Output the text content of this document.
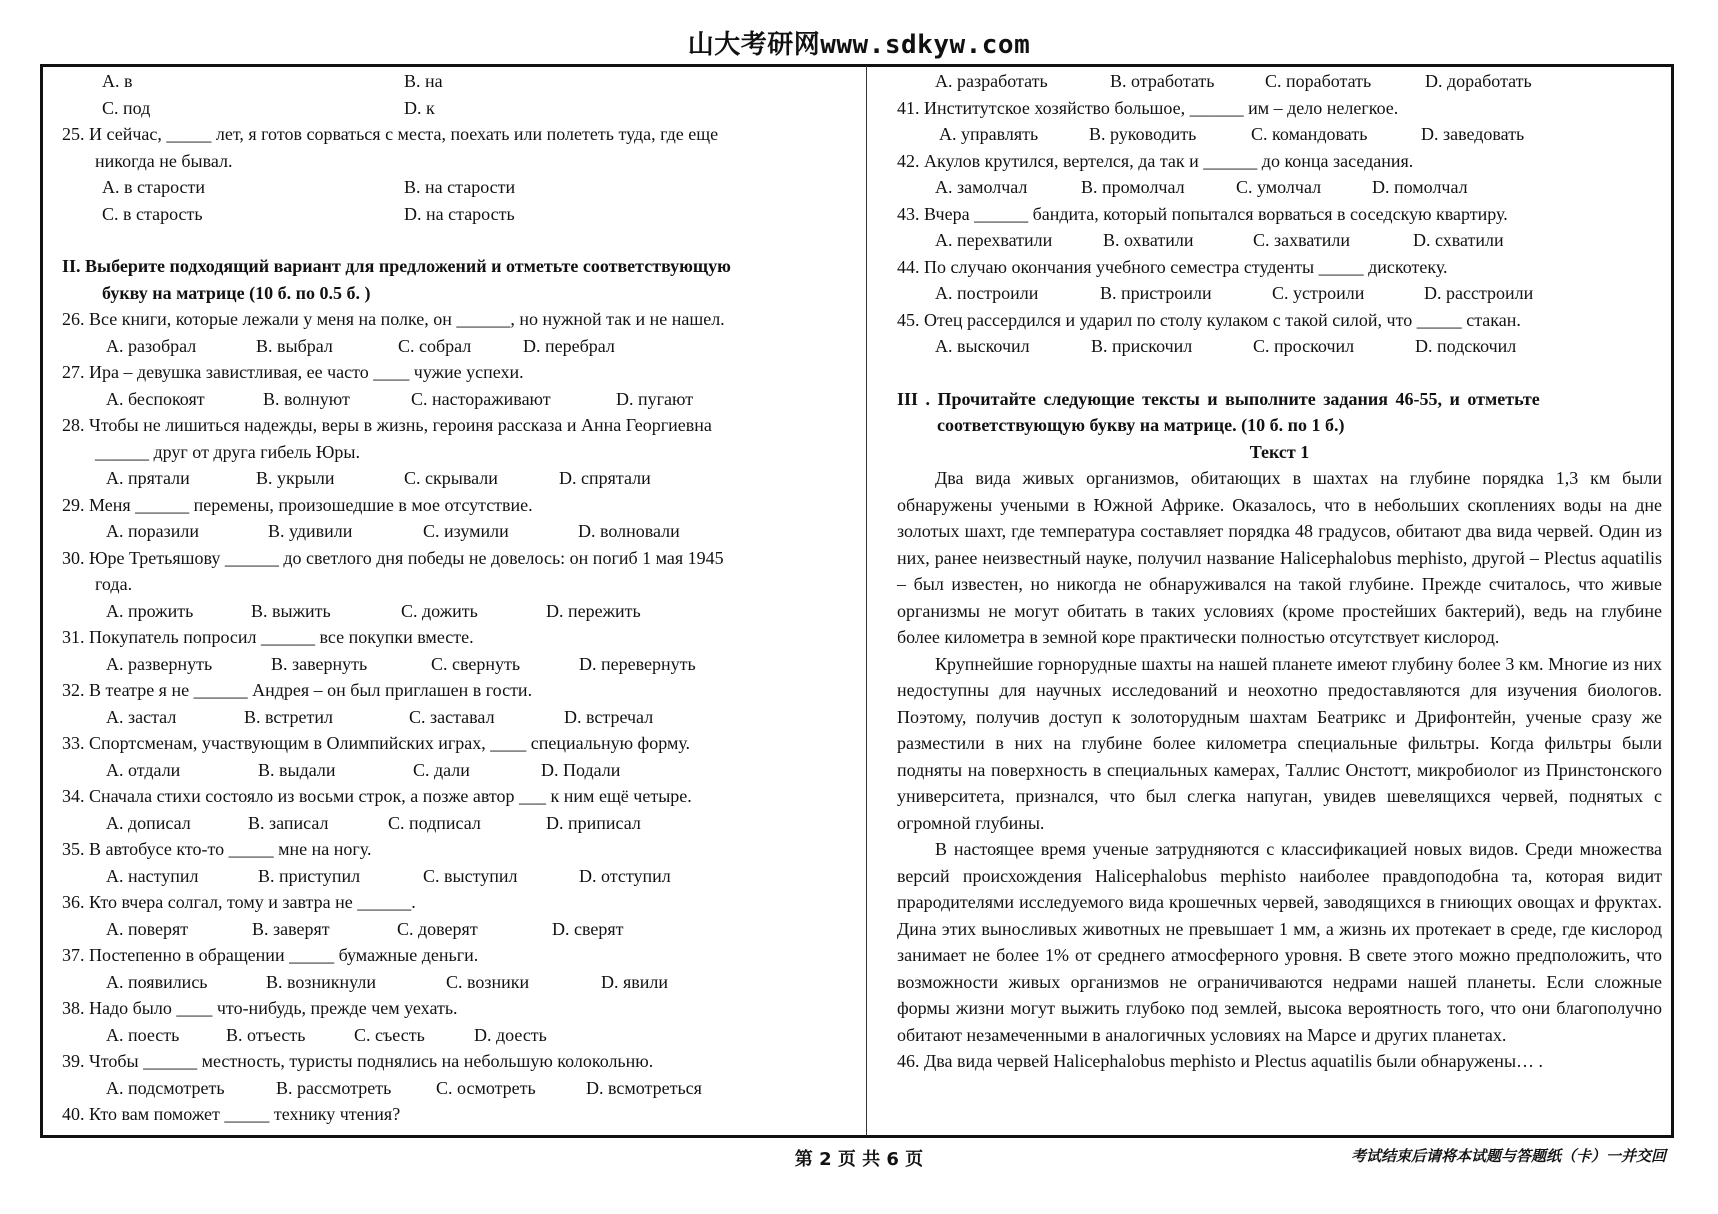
山大考研网www.sdkyw.com
A. в	B. на
C. под	D. к
25. И сейчас, _____ лет, я готов сорваться с места, поехать или полететь туда, где еще
никогда не бывал.
A. в старости	B. на старости
C. в старость	D. на старость
II. Выберите подходящий вариант для предложений и отметьте соответствующую
букву на матрице (10 б. по 0.5 б. )
26. Все книги, которые лежали у меня на полке, он ______, но нужной так и не нашел.
A. разобрал	B. выбрал	C. собрал	D. перебрал
27. Ира – девушка завистливая, ее часто ____ чужие успехи.
A. беспокоят	B. волнуют	C. настораживают	D. пугают
28. Чтобы не лишиться надежды, веры в жизнь, героиня рассказа и Анна Георгиевна
______ друг от друга гибель Юры.
A. прятали	B. укрыли	C. скрывали	D. спрятали
29. Меня ______ перемены, произошедшие в мое отсутствие.
A. поразили	B. удивили	C. изумили	D. волновали
30. Юре Третьяшову ______ до светлого дня победы не довелось: он погиб 1 мая 1945
года.
A. прожить	B. выжить	C. дожить	D. пережить
31. Покупатель попросил ______ все покупки вместе.
A. развернуть	B. завернуть	C. свернуть	D. перевернуть
32. В театре я не ______ Андрея – он был приглашен в гости.
A. застал	B. встретил	C. заставал	D. встречал
33. Спортсменам, участвующим в Олимпийских играх, ____ специальную форму.
A. отдали	B. выдали	C. дали	D. Подали
34. Сначала стихи состояло из восьми строк, а позже автор ___ к ним ещё четыре.
A. дописал	B. записал	C. подписал	D. приписал
35. В автобусе кто-то _____ мне на ногу.
A. наступил	B. приступил	C. выступил	D. отступил
36. Кто вчера солгал, тому и завтра не ______.
A. поверят	B. заверят	C. доверят	D. сверят
37. Постепенно в обращении _____ бумажные деньги.
A. появились	B. возникнули	C. возники	D. явили
38. Надо было ____ что-нибудь, прежде чем уехать.
A. поесть	B. отъесть	C. съесть	D. доесть
39. Чтобы ______ местность, туристы поднялись на небольшую колокольню.
A. подсмотреть	B. рассмотреть C. осмотреть	D. всмотреться
40. Кто вам поможет _____ технику чтения?
A. разработать	B. отработать	C. поработать	D. доработать
41. Институтское хозяйство большое, ______ им – дело нелегкое.
A. управлять	B. руководить	C. командовать	D. заведовать
42. Акулов крутился, вертелся, да так и ______ до конца заседания.
A. замолчал	B. промолчал	C. умолчал	D. помолчал
43. Вчера ______ бандита, который попытался ворваться в соседскую квартиру.
A. перехватили	B. охватили	C. захватили	D. схватили
44. По случаю окончания учебного семестра студенты _____ дискотеку.
A. построили	B. пристроили	C. устроили	D. расстроили
45. Отец рассердился и ударил по столу кулаком с такой силой, что _____ стакан.
A. выскочил	B. прискочил	C. проскочил	D. подскочил
III . Прочитайте следующие тексты и выполните задания 46-55, и отметьте
соответствующую букву на матрице. (10 б. по 1 б.)
Текст 1

Два вида живых организмов, обитающих в шахтах на глубине порядка 1,3 км были обнаружены учеными в Южной Африке. Оказалось, что в небольших скоплениях воды на дне золотых шахт, где температура составляет порядка 48 градусов, обитают два вида червей. Один из них, ранее неизвестный науке, получил название Halicephalobus mephisto, другой – Plectus aquatilis – был известен, но никогда не обнаруживался на такой глубине. Прежде считалось, что живые организмы не могут обитать в таких условиях (кроме простейших бактерий), ведь на глубине более километра в земной коре практически полностью отсутствует кислород.

Крупнейшие горнорудные шахты на нашей планете имеют глубину более 3 км. Многие из них недоступны для научных исследований и неохотно предоставляются для изучения биологов. Поэтому, получив доступ к золоторудным шахтам Беатрикс и Дрифонтейн, ученые сразу же разместили в них на глубине более километра специальные фильтры. Когда фильтры были подняты на поверхность в специальных камерах, Таллис Онстотт, микробиолог из Принстонского университета, признался, что был слегка напуган, увидев шевелящихся червей, поднятых с огромной глубины.

В настоящее время ученые затрудняются с классификацией новых видов. Среди множества версий происхождения Halicephalobus mephisto наиболее правдоподобна та, которая видит прародителями исследуемого вида крошечных червей, заводящихся в гниющих овощах и фруктах. Дина этих выносливых животных не превышает 1 мм, а жизнь их протекает в среде, где кислород занимает не более 1% от среднего атмосферного уровня. В свете этого можно предположить, что возможности живых организмов не ограничиваются недрами нашей планеты. Если сложные формы жизни могут выжить глубоко под землей, высока вероятность того, что они благополучно обитают незамеченными в аналогичных условиях на Марсе и других планетах.

46. Два вида червей Halicephalobus mephisto и Plectus aquatilis были обнаружены… .
第 2 页 共 6 页	考试结束后请将本试题与答题纸（卡）一并交回
